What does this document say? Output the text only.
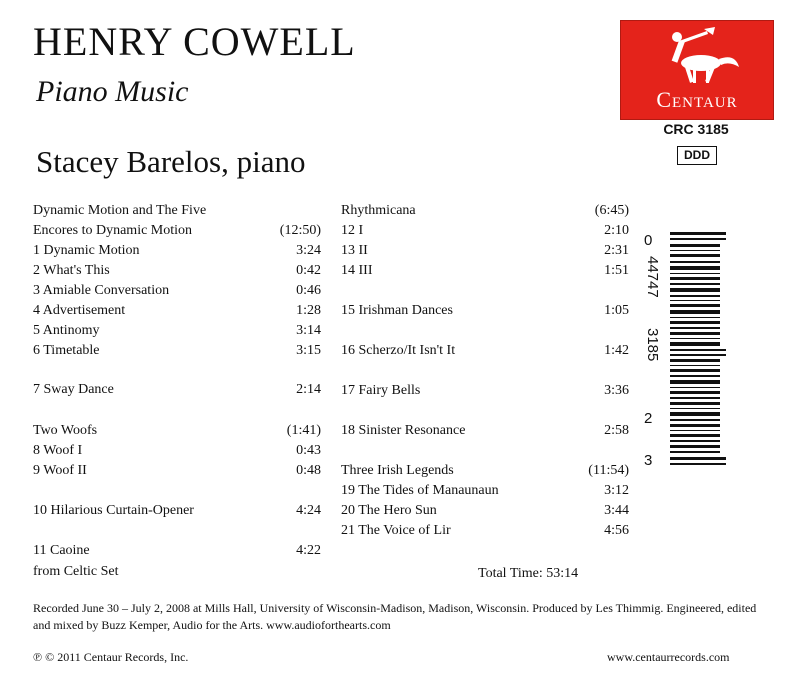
HENRY COWELL
Piano Music
Stacey Barelos, piano
Centaur
CRC 3185
DDD
0
44747
3185
2
3
Dynamic Motion and The Five
Encores to Dynamic Motion	(12:50)
1 Dynamic Motion	3:24
2 What's This	0:42
3 Amiable Conversation	0:46
4 Advertisement	1:28
5 Antinomy	3:14
6 Timetable	3:15
7 Sway Dance	2:14
Two Woofs	(1:41)
8 Woof I	0:43
9 Woof II	0:48
10 Hilarious Curtain-Opener	4:24
11 Caoine	4:22
from Celtic Set
Rhythmicana	(6:45)
12 I	2:10
13 II	2:31
14 III	1:51
15 Irishman Dances	1:05
16 Scherzo/It Isn't It	1:42
17 Fairy Bells	3:36
18 Sinister Resonance	2:58
Three Irish Legends	(11:54)
19 The Tides of Manaunaun	3:12
20 The Hero Sun	3:44
21 The Voice of Lir	4:56
Total Time: 53:14
Recorded June 30 – July 2, 2008 at Mills Hall, University of Wisconsin-Madison, Madison, Wisconsin. Produced by Les Thimmig. Engineered, edited and mixed by Buzz Kemper, Audio for the Arts. www.audioforthearts.com
℗ © 2011 Centaur Records, Inc.	www.centaurrecords.com
